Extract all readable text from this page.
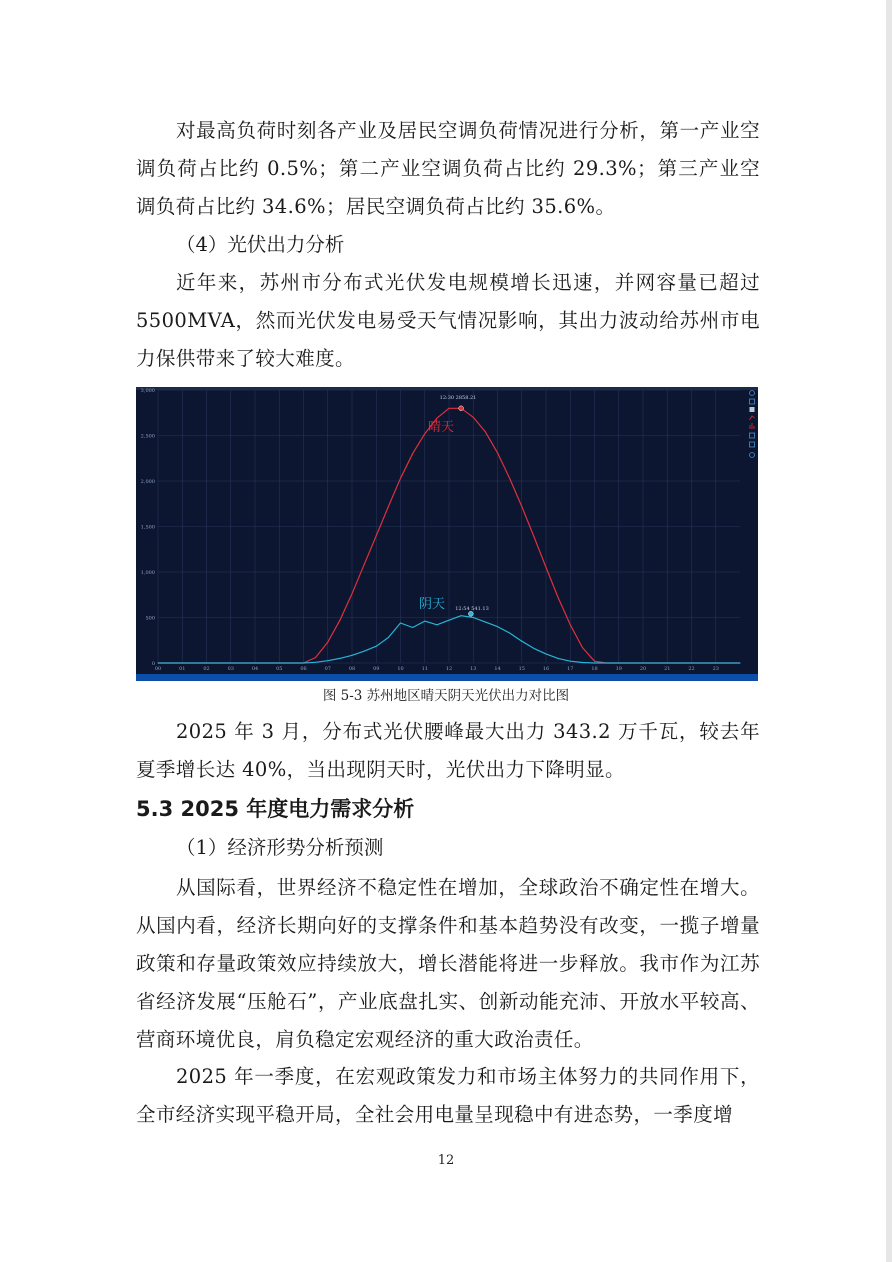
对最高负荷时刻各产业及居民空调负荷情况进行分析，第一产业空调负荷占比约 0.5%；第二产业空调负荷占比约 29.3%；第三产业空调负荷占比约 34.6%；居民空调负荷占比约 35.6%。

（4）光伏出力分析

近年来，苏州市分布式光伏发电规模增长迅速，并网容量已超过 5500MVA，然而光伏发电易受天气情况影响，其出力波动给苏州市电力保供带来了较大难度。

00	01	02	03	04	05	06	07	08	09	10	11	12	13	14	15	16	17	18	19	20	21	22	23
3,000
2,500
2,000
1,500
1,000
500
0
晴天
阴天
12:30 2858.21
12:54 541.13
图 5-3 苏州地区晴天阴天光伏出力对比图

2025 年 3 月，分布式光伏腰峰最大出力 343.2 万千瓦，较去年夏季增长达 40%，当出现阴天时，光伏出力下降明显。

5.3 2025 年度电力需求分析

（1）经济形势分析预测

从国际看，世界经济不稳定性在增加，全球政治不确定性在增大。从国内看，经济长期向好的支撑条件和基本趋势没有改变，一揽子增量政策和存量政策效应持续放大，增长潜能将进一步释放。我市作为江苏省经济发展“压舱石”，产业底盘扎实、创新动能充沛、开放水平较高、营商环境优良，肩负稳定宏观经济的重大政治责任。

2025 年一季度，在宏观政策发力和市场主体努力的共同作用下，全市经济实现平稳开局，全社会用电量呈现稳中有进态势，一季度增

12
